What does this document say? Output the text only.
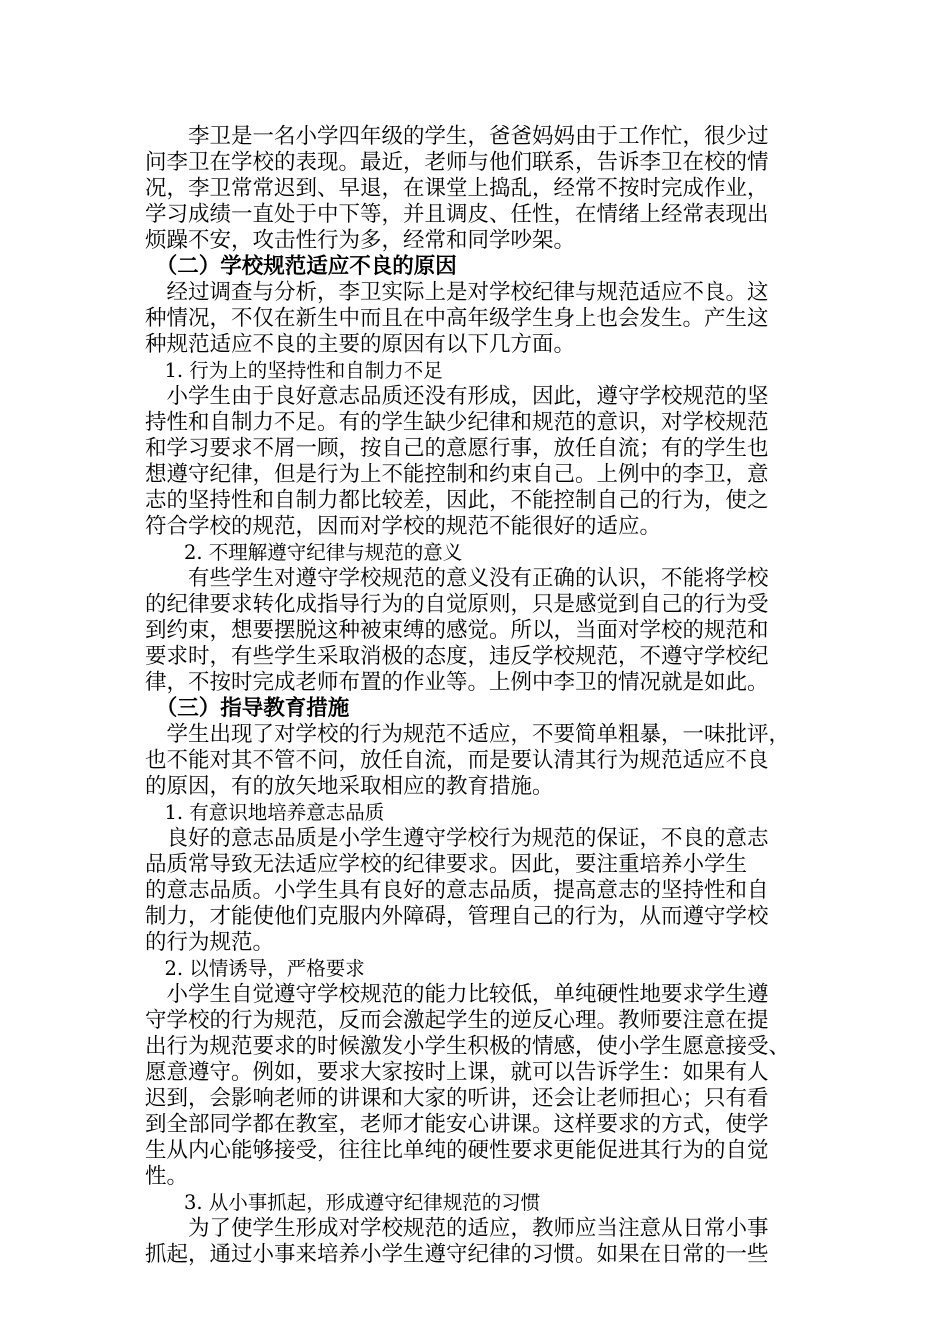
　　李卫是一名小学四年级的学生，爸爸妈妈由于工作忙，很少过
问李卫在学校的表现。最近，老师与他们联系，告诉李卫在校的情
况，李卫常常迟到、早退，在课堂上捣乱，经常不按时完成作业，
学习成绩一直处于中下等，并且调皮、任性，在情绪上经常表现出
烦躁不安，攻击性行为多，经常和同学吵架。
　（二）学校规范适应不良的原因
　经过调查与分析，李卫实际上是对学校纪律与规范适应不良。这
种情况，不仅在新生中而且在中高年级学生身上也会发生。产生这
种规范适应不良的主要的原因有以下几方面。
　1. 行为上的坚持性和自制力不足
　小学生由于良好意志品质还没有形成，因此，遵守学校规范的坚
持性和自制力不足。有的学生缺少纪律和规范的意识，对学校规范
和学习要求不屑一顾，按自己的意愿行事，放任自流；有的学生也
想遵守纪律，但是行为上不能控制和约束自己。上例中的李卫，意
志的坚持性和自制力都比较差，因此，不能控制自己的行为，使之
符合学校的规范，因而对学校的规范不能很好的适应。
　　2. 不理解遵守纪律与规范的意义
　　有些学生对遵守学校规范的意义没有正确的认识，不能将学校
的纪律要求转化成指导行为的自觉原则，只是感觉到自己的行为受
到约束，想要摆脱这种被束缚的感觉。所以，当面对学校的规范和
要求时，有些学生采取消极的态度，违反学校规范，不遵守学校纪
律，不按时完成老师布置的作业等。上例中李卫的情况就是如此。
　（三）指导教育措施
　学生出现了对学校的行为规范不适应，不要简单粗暴，一味批评，
也不能对其不管不问，放任自流，而是要认清其行为规范适应不良
的原因，有的放矢地采取相应的教育措施。
　1. 有意识地培养意志品质
　良好的意志品质是小学生遵守学校行为规范的保证，不良的意志
品质常导致无法适应学校的纪律要求。因此，要注重培养小学生
的意志品质。小学生具有良好的意志品质，提高意志的坚持性和自
制力，才能使他们克服内外障碍，管理自己的行为，从而遵守学校
的行为规范。
　2. 以情诱导，严格要求
　小学生自觉遵守学校规范的能力比较低，单纯硬性地要求学生遵
守学校的行为规范，反而会激起学生的逆反心理。教师要注意在提
出行为规范要求的时候激发小学生积极的情感，使小学生愿意接受、
愿意遵守。例如，要求大家按时上课，就可以告诉学生：如果有人
迟到，会影响老师的讲课和大家的听讲，还会让老师担心；只有看
到全部同学都在教室，老师才能安心讲课。这样要求的方式，使学
生从内心能够接受，往往比单纯的硬性要求更能促进其行为的自觉
性。
　　3. 从小事抓起，形成遵守纪律规范的习惯
　　为了使学生形成对学校规范的适应，教师应当注意从日常小事
抓起，通过小事来培养小学生遵守纪律的习惯。如果在日常的一些
